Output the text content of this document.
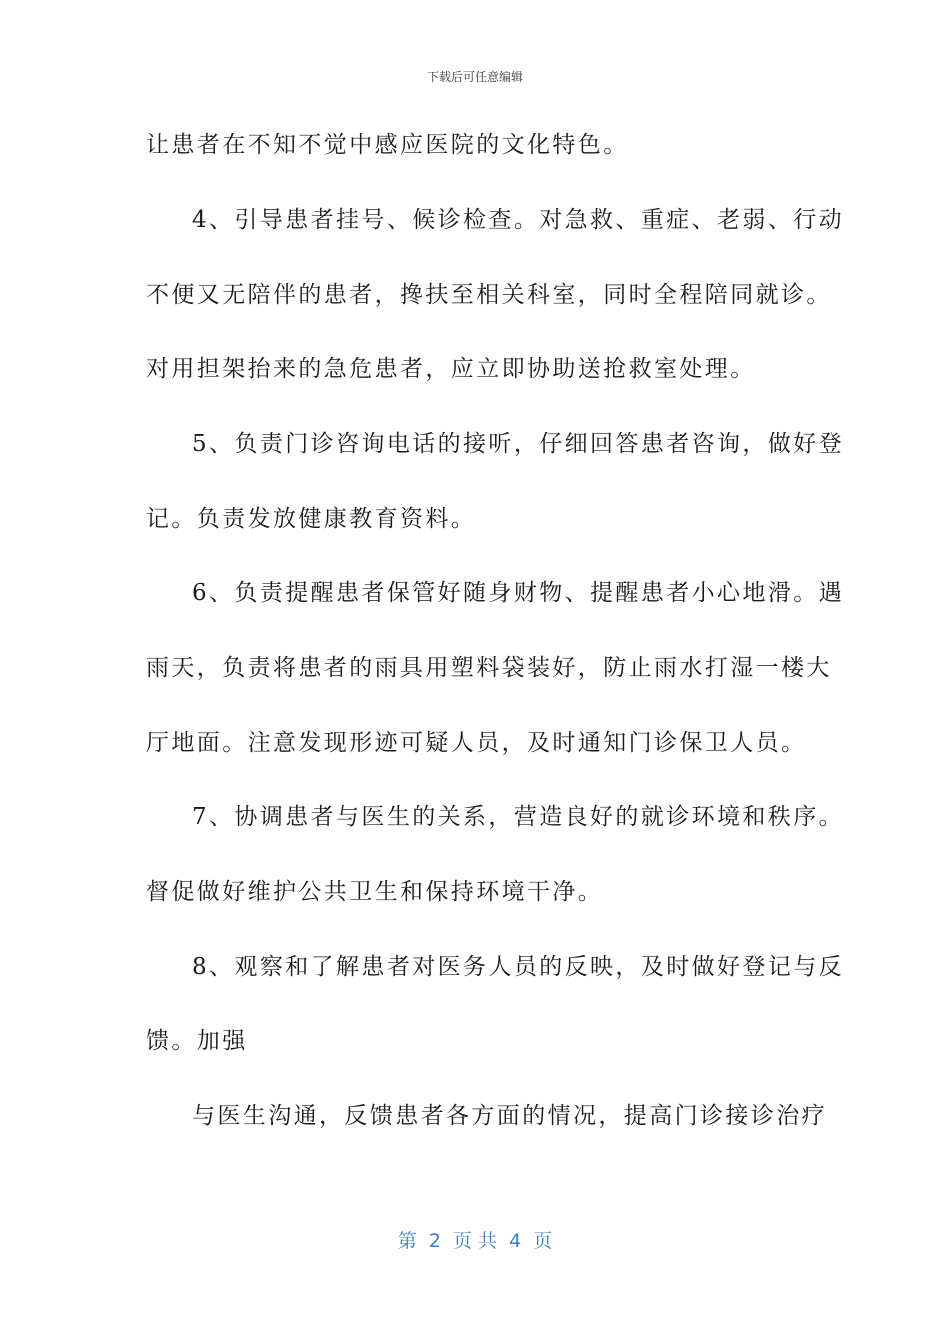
下载后可任意编辑
让患者在不知不觉中感应医院的文化特色。
4、引导患者挂号、候诊检查。对急救、重症、老弱、行动
不便又无陪伴的患者，搀扶至相关科室，同时全程陪同就诊。
对用担架抬来的急危患者，应立即协助送抢救室处理。
5、负责门诊咨询电话的接听，仔细回答患者咨询，做好登
记。负责发放健康教育资料。
6、负责提醒患者保管好随身财物、提醒患者小心地滑。遇
雨天，负责将患者的雨具用塑料袋装好，防止雨水打湿一楼大
厅地面。注意发现形迹可疑人员，及时通知门诊保卫人员。
7、协调患者与医生的关系，营造良好的就诊环境和秩序。
督促做好维护公共卫生和保持环境干净。
8、观察和了解患者对医务人员的反映，及时做好登记与反
馈。加强
与医生沟通，反馈患者各方面的情况，提高门诊接诊治疗
第  2  页 共  4  页
